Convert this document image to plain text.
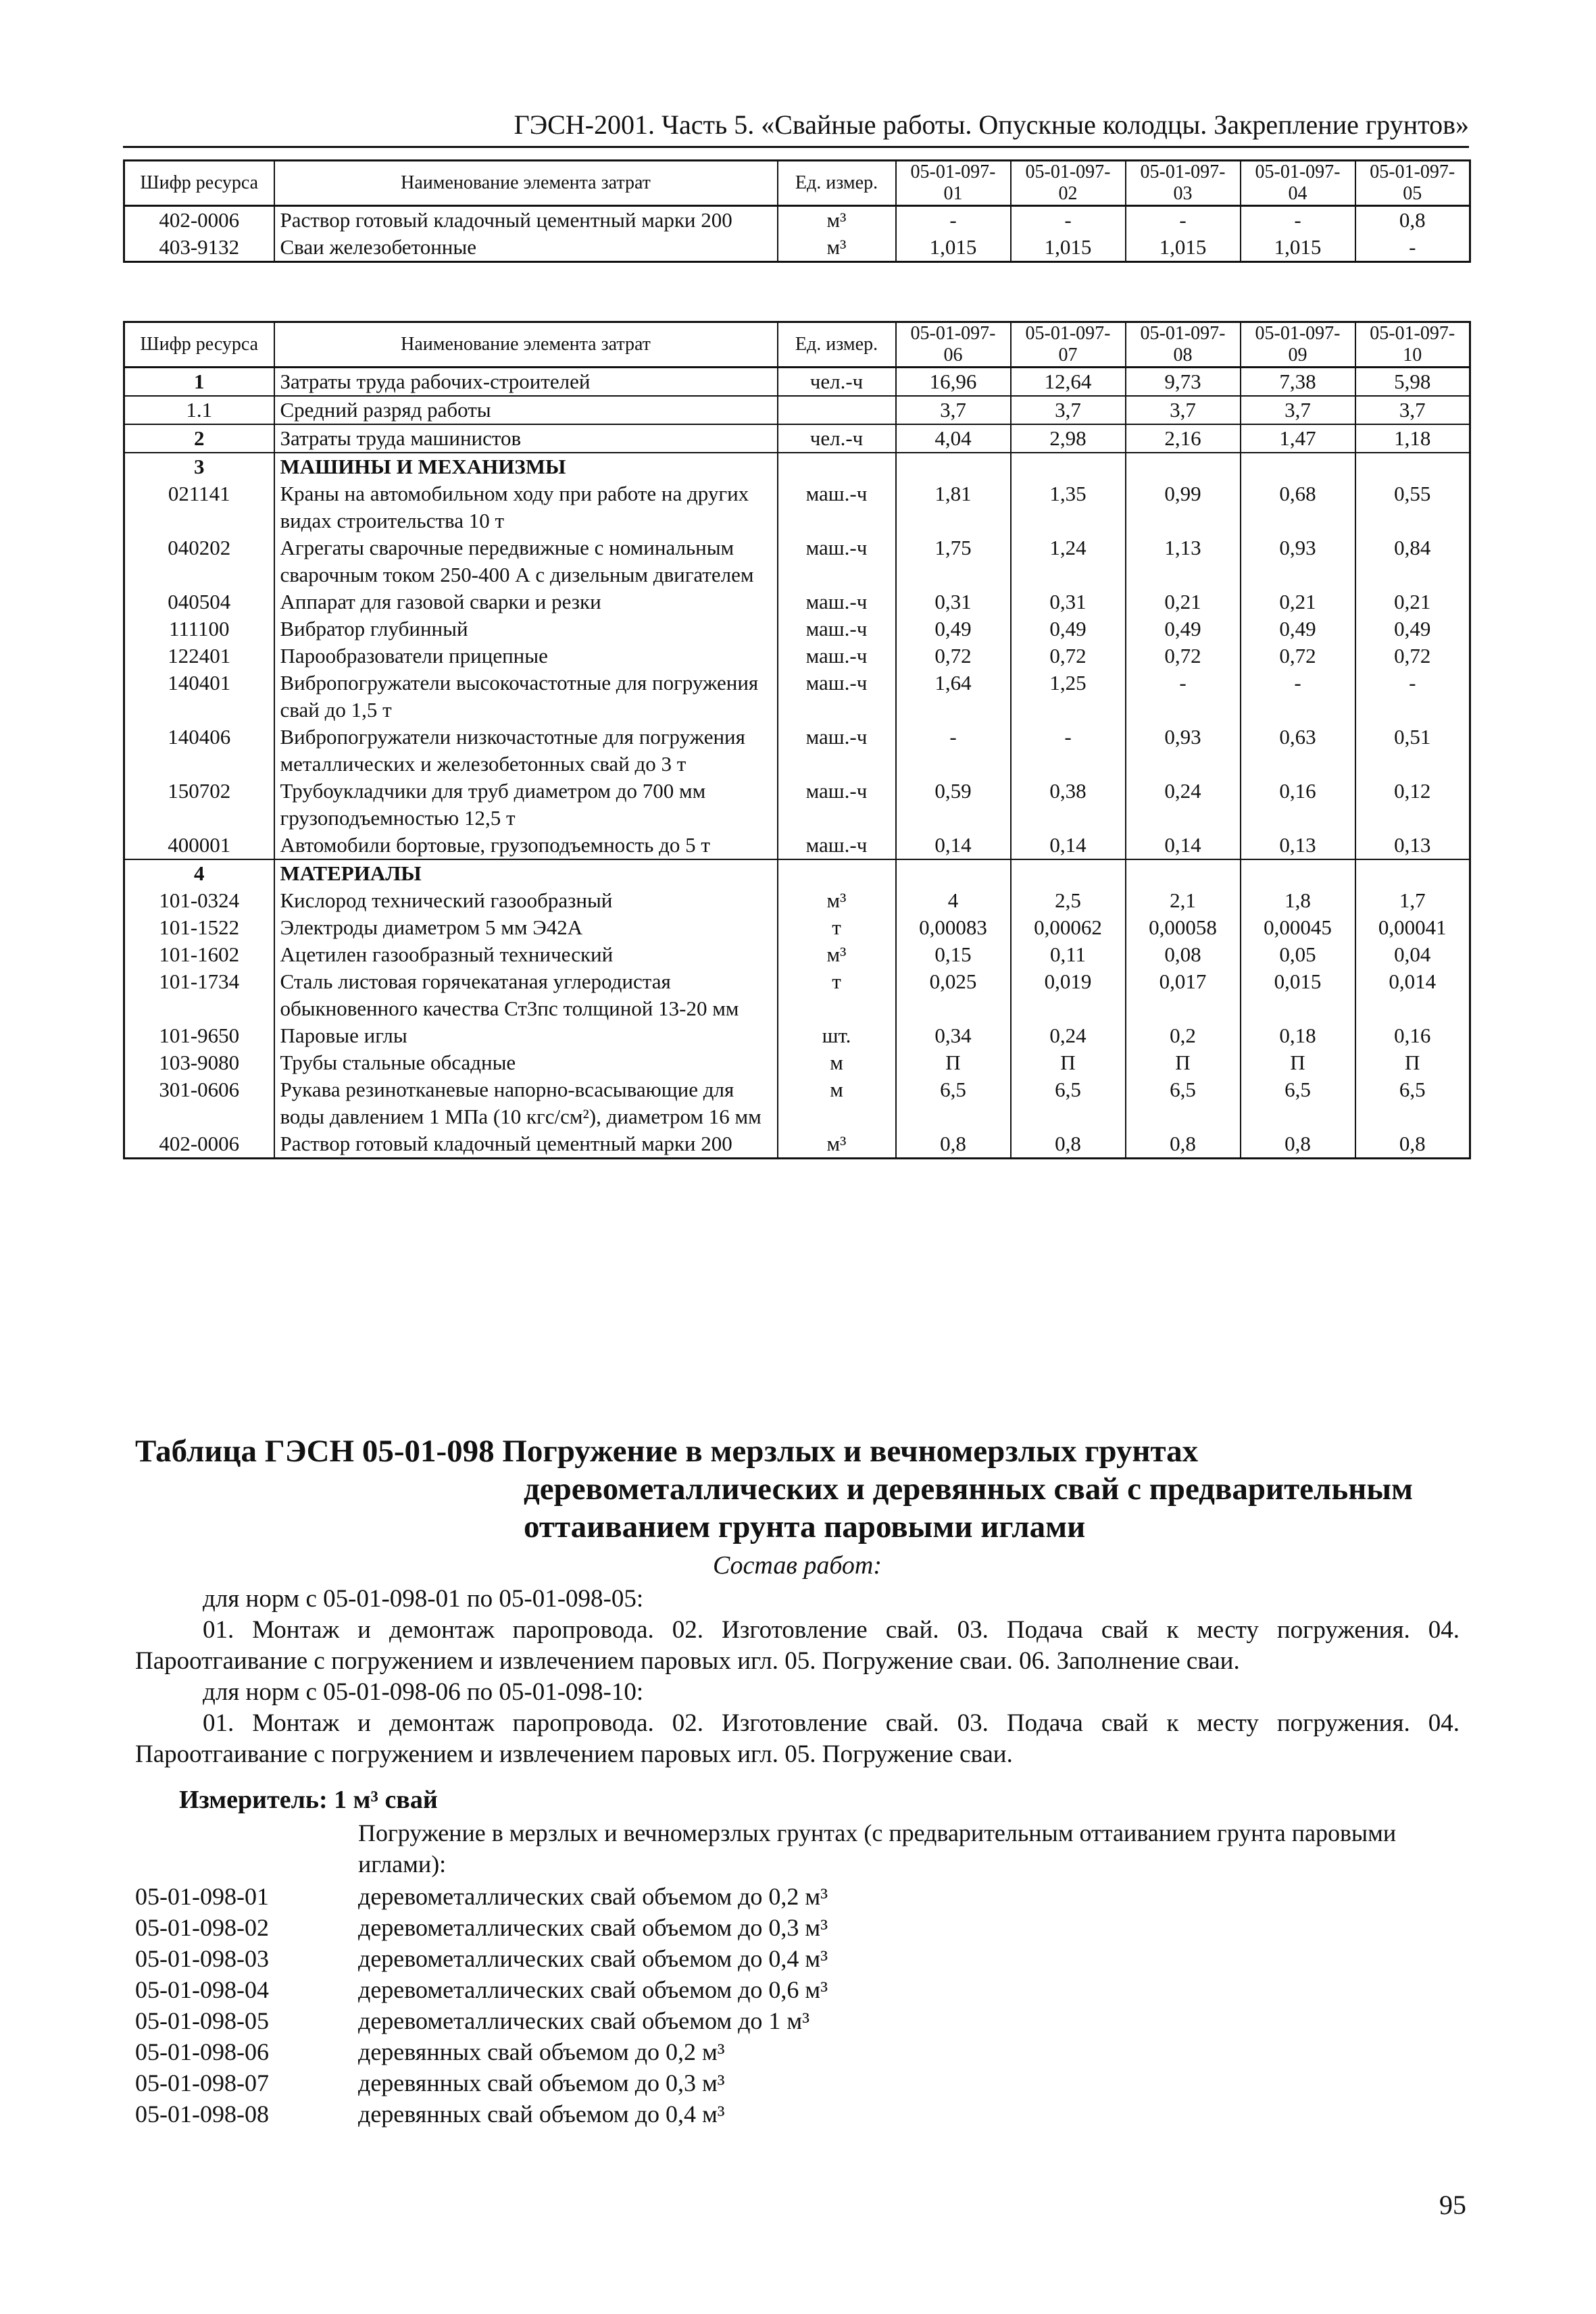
ГЭСН-2001. Часть 5. «Свайные работы. Опускные колодцы. Закрепление грунтов»
Шифр ресурса	Наименование элемента затрат	Ед. измер.	05-01-097-01	05-01-097-02	05-01-097-03	05-01-097-04	05-01-097-05
402-0006	Раствор готовый кладочный цементный марки 200	м³	-	-	-	-	0,8
403-9132	Сваи железобетонные	м³	1,015	1,015	1,015	1,015	-
Шифр ресурса	Наименование элемента затрат	Ед. измер.	05-01-097-06	05-01-097-07	05-01-097-08	05-01-097-09	05-01-097-10
1	Затраты труда рабочих-строителей	чел.-ч	16,96	12,64	9,73	7,38	5,98
1.1	Средний разряд работы		3,7	3,7	3,7	3,7	3,7
2	Затраты труда машинистов	чел.-ч	4,04	2,98	2,16	1,47	1,18
3	МАШИНЫ И МЕХАНИЗМЫ						
021141	Краны на автомобильном ходу при работе на других видах строительства 10 т	маш.-ч	1,81	1,35	0,99	0,68	0,55
040202	Агрегаты сварочные передвижные с номинальным сварочным током 250-400 А с дизельным двигателем	маш.-ч	1,75	1,24	1,13	0,93	0,84
040504	Аппарат для газовой сварки и резки	маш.-ч	0,31	0,31	0,21	0,21	0,21
111100	Вибратор глубинный	маш.-ч	0,49	0,49	0,49	0,49	0,49
122401	Парообразователи прицепные	маш.-ч	0,72	0,72	0,72	0,72	0,72
140401	Вибропогружатели высокочастотные для погружения свай до 1,5 т	маш.-ч	1,64	1,25	-	-	-
140406	Вибропогружатели низкочастотные для погружения металлических и железобетонных свай до 3 т	маш.-ч	-	-	0,93	0,63	0,51
150702	Трубоукладчики для труб диаметром до 700 мм грузоподъемностью 12,5 т	маш.-ч	0,59	0,38	0,24	0,16	0,12
400001	Автомобили бортовые, грузоподъемность до 5 т	маш.-ч	0,14	0,14	0,14	0,13	0,13
4	МАТЕРИАЛЫ						
101-0324	Кислород технический газообразный	м³	4	2,5	2,1	1,8	1,7
101-1522	Электроды диаметром 5 мм Э42А	т	0,00083	0,00062	0,00058	0,00045	0,00041
101-1602	Ацетилен газообразный технический	м³	0,15	0,11	0,08	0,05	0,04
101-1734	Сталь листовая горячекатаная углеродистая обыкновенного качества Ст3пс толщиной 13-20 мм	т	0,025	0,019	0,017	0,015	0,014
101-9650	Паровые иглы	шт.	0,34	0,24	0,2	0,18	0,16
103-9080	Трубы стальные обсадные	м	П	П	П	П	П
301-0606	Рукава резинотканевые напорно-всасывающие для воды давлением 1 МПа (10 кгс/см²), диаметром 16 мм	м	6,5	6,5	6,5	6,5	6,5
402-0006	Раствор готовый кладочный цементный марки 200	м³	0,8	0,8	0,8	0,8	0,8
Таблица ГЭСН 05-01-098 Погружение в мерзлых и вечномерзлых грунтах
деревометаллических и деревянных свай с предварительным
оттаиванием грунта паровыми иглами
Состав работ:
для норм с 05-01-098-01 по 05-01-098-05:
01. Монтаж и демонтаж паропровода. 02. Изготовление свай. 03. Подача свай к месту погружения. 04. Пароотгаивание с погружением и извлечением паровых игл. 05. Погружение сваи. 06. Заполнение сваи.
для норм с 05-01-098-06 по 05-01-098-10:
01. Монтаж и демонтаж паропровода. 02. Изготовление свай. 03. Подача свай к месту погружения. 04. Пароотгаивание с погружением и извлечением паровых игл. 05. Погружение сваи.
Измеритель: 1 м³ свай
Погружение в мерзлых и вечномерзлых грунтах (с предварительным оттаиванием грунта паровыми иглами):
05-01-098-01	деревометаллических свай объемом до 0,2 м³
05-01-098-02	деревометаллических свай объемом до 0,3 м³
05-01-098-03	деревометаллических свай объемом до 0,4 м³
05-01-098-04	деревометаллических свай объемом до 0,6 м³
05-01-098-05	деревометаллических свай объемом до 1 м³
05-01-098-06	деревянных свай объемом до 0,2 м³
05-01-098-07	деревянных свай объемом до 0,3 м³
05-01-098-08	деревянных свай объемом до 0,4 м³
95
